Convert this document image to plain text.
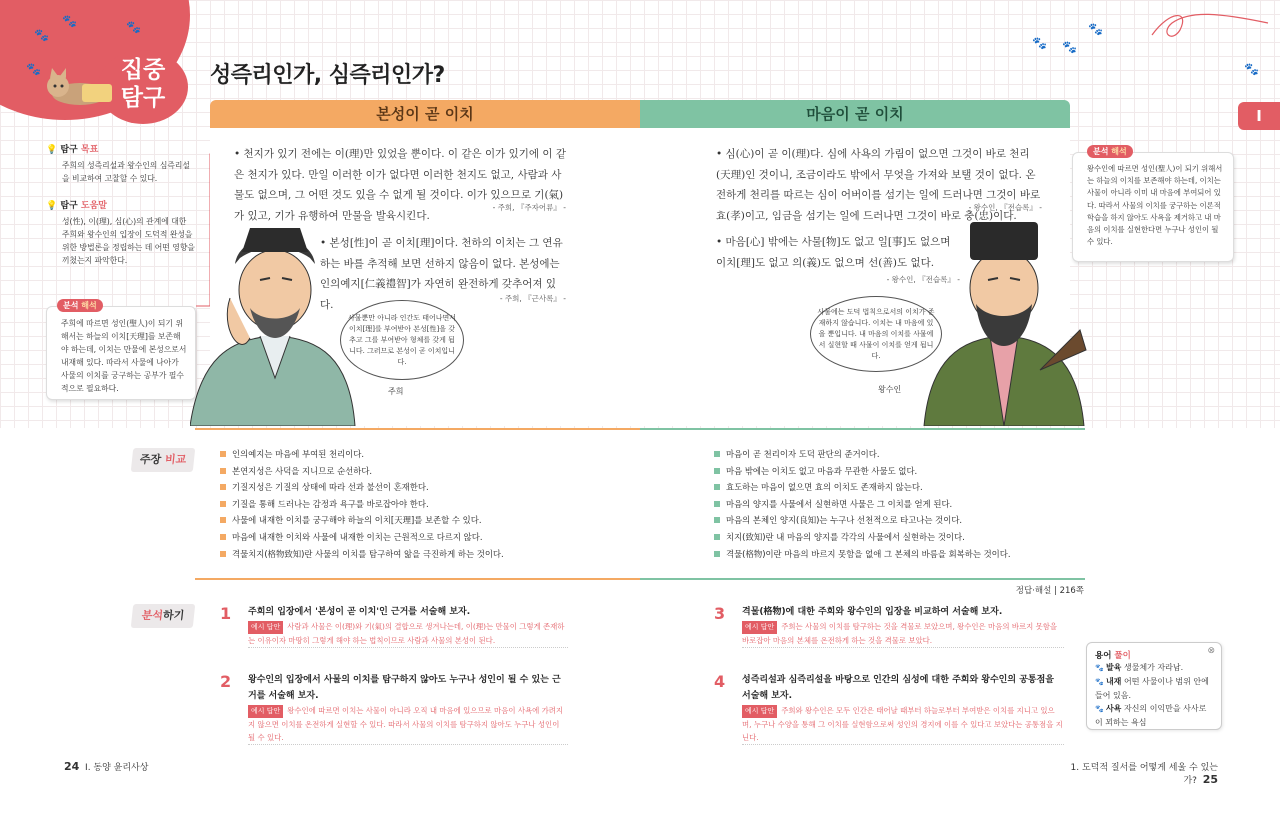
집중
탐구
🐾	🐾
🐾
🐾
🐾 🐾
🐾
🐾
성즉리인가, 심즉리인가?
I
💡 탐구 목표
주희의 성즉리설과 왕수인의 심즉리설을 비교하여 고찰할 수 있다.
💡 탐구 도움말
성(性), 이(理), 심(心)의 관계에 대한 주희와 왕수인의 입장이 도덕적 완성을 위한 방법론을 정립하는 데 어떤 영향을 끼쳤는지 파악한다.
분석 해석
주희에 따르면 성인(聖人)이 되기 위해서는 하늘의 이치[天理]를 보존해야 하는데, 이치는 만물에 본성으로서 내재해 있다. 따라서 사물에 나아가 사물의 이치를 궁구하는 공부가 필수적으로 필요하다.
본성이 곧 이치	마음이 곧 이치
• 천지가 있기 전에는 이(理)만 있었을 뿐이다. 이 같은 이가 있기에 이 같은 천지가 있다. 만일 이러한 이가 없다면 이러한 천지도 없고, 사람과 사물도 없으며, 그 어떤 것도 있을 수 없게 될 것이다. 이가 있으므로 기(氣)가 있고, 기가 유행하여 만물을 발육시킨다.
- 주희, 『주자어류』 -
• 본성[性]이 곧 이치[理]이다. 천하의 이치는 그 연유하는 바를 추적해 보면 선하지 않음이 없다. 본성에는 인의예지[仁義禮智]가 자연히 완전하게 갖추어져 있다.	- 주희, 『근사록』 -
사물뿐만 아니라 인간도 태어나면서 이치[理]를 부여받아 본성[性]을 갖추고 그를 부여받아 형체를 갖게 됩니다. 그러므로 본성이 곧 이치입니다.
주희
• 심(心)이 곧 이(理)다. 심에 사욕의 가림이 없으면 그것이 바로 천리(天理)인 것이니, 조금이라도 밖에서 무엇을 가져와 보탤 것이 없다. 온전하게 천리를 따르는 심이 어버이를 섬기는 일에 드러나면 그것이 바로 효(孝)이고, 임금을 섬기는 일에 드러나면 그것이 바로 충(忠)이다.
- 왕수인, 『전습록』 -
• 마음[心] 밖에는 사물[物]도 없고 일[事]도 없으며 이치[理]도 없고 의(義)도 없으며 선(善)도 없다.
- 왕수인, 『전습록』 -
사물에는 도덕 법칙으로서의 이치가 존재하지 않습니다. 이치는 내 마음에 있을 뿐입니다. 내 마음의 이치를 사물에서 실현할 때 사물이 이치를 얻게 됩니다.
왕수인
분석 해석
왕수인에 따르면 성인(聖人)이 되기 위해서는 하늘의 이치를 보존해야 하는데, 이치는 사물이 아니라 이미 내 마음에 부여되어 있다. 따라서 사물의 이치를 궁구하는 이론적 학습을 하지 않아도 사욕을 제거하고 내 마음의 이치를 실현한다면 누구나 성인이 될 수 있다.
주장 비교	인의예지는 마음에 부여된 천리이다.
본연지성은 사덕을 지니므로 순선하다.
기질지성은 기질의 상태에 따라 선과 불선이 혼재한다.
기질을 통해 드러나는 감정과 욕구를 바로잡아야 한다.
사물에 내재한 이치를 궁구해야 하늘의 이치[天理]를 보존할 수 있다.
마음에 내재한 이치와 사물에 내재한 이치는 근원적으로 다르지 않다.
격물치지(格物致知)란 사물의 이치를 탐구하여 앎을 극진하게 하는 것이다.
마음이 곧 천리이자 도덕 판단의 준거이다.
마음 밖에는 이치도 없고 마음과 무관한 사물도 없다.
효도하는 마음이 없으면 효의 이치도 존재하지 않는다.
마음의 양지를 사물에서 실현하면 사물은 그 이치를 얻게 된다.
마음의 본체인 양지(良知)는 누구나 선천적으로 타고나는 것이다.
치지(致知)란 내 마음의 양지를 각각의 사물에서 실현하는 것이다.
격물(格物)이란 마음의 바르지 못함을 없애 그 본체의 바름을 회복하는 것이다.
정답·해설 | 216쪽
분석하기	1 주희의 입장에서 '본성이 곧 이치'인 근거를 서술해 보자.
예시 답안 사람과 사물은 이(理)와 기(氣)의 결합으로 생겨나는데, 이(理)는 만물이 그렇게 존재하는 이유이자 마땅히 그렇게 해야 하는 법칙이므로 사람과 사물의 본성이 된다.
2 왕수인의 입장에서 사물의 이치를 탐구하지 않아도 누구나 성인이 될 수 있는 근거를 서술해 보자.
예시 답안 왕수인에 따르면 이치는 사물이 아니라 오직 내 마음에 있으므로 마음이 사욕에 가려지지 않으면 이치를 온전하게 실현할 수 있다. 따라서 사물의 이치를 탐구하지 않아도 누구나 성인이 될 수 있다.
3 격물(格物)에 대한 주희와 왕수인의 입장을 비교하여 서술해 보자.
예시 답안 주희는 사물의 이치를 탐구하는 것을 격물로 보았으며, 왕수인은 마음의 바르지 못함을 바로잡아 마음의 본체를 온전하게 하는 것을 격물로 보았다.
4 성즉리설과 심즉리설을 바탕으로 인간의 심성에 대한 주희와 왕수인의 공통점을 서술해 보자.
예시 답안 주희와 왕수인은 모두 인간은 태어날 때부터 하늘로부터 부여받은 이치를 지니고 있으며, 누구나 수양을 통해 그 이치를 실현함으로써 성인의 경지에 이를 수 있다고 보았다는 공통점을 지닌다.
용어 풀이	⊗
🐾 발육 생물체가 자라남.
🐾 내재 어떤 사물이나 범위 안에 들어 있음.
🐾 사욕 자신의 이익만을 사사로이 꾀하는 욕심
24 I. 동양 윤리사상	1. 도덕적 질서를 어떻게 세울 수 있는가? 25
